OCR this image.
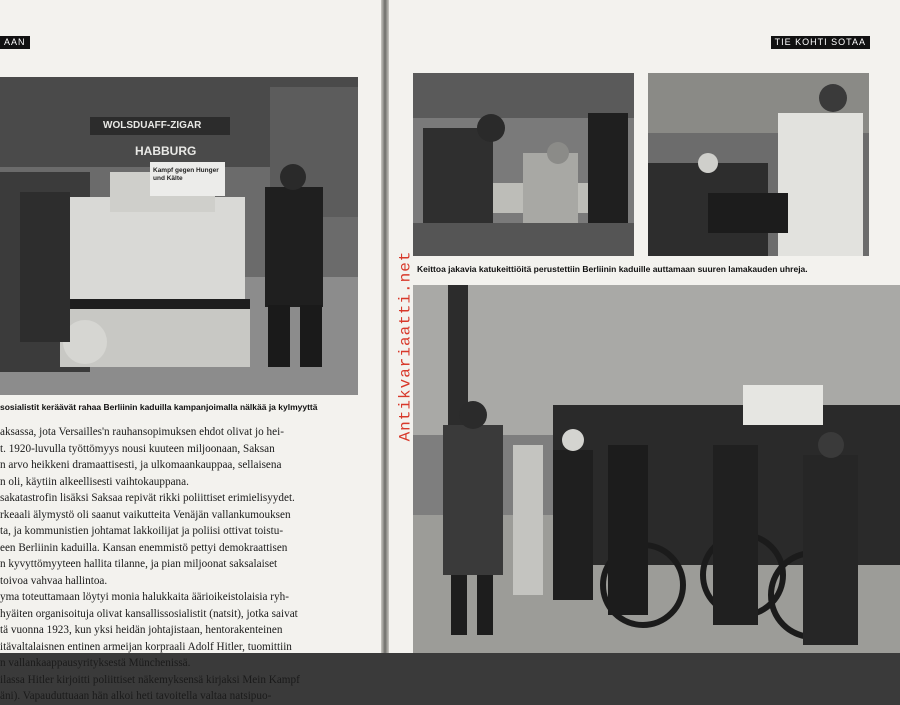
AAN
WOLSDUAFF-ZIGAR
HABBURG
Kampf gegen Hunger und Kälte
sosialistit keräävät rahaa Berliinin kaduilla kampanjoimalla nälkää ja kylmyyttä

aksassa, jota Versailles'n rauhansopimuksen ehdot olivat jo hei-

t. 1920-luvulla työttömyys nousi kuuteen miljoonaan, Saksan

n arvo heikkeni dramaattisesti, ja ulkomaankauppaa, sellaisena

n oli, käytiin alkeellisesti vaihtokauppana.

sakatastrofin lisäksi Saksaa repivät rikki poliittiset erimielisyydet.

rkeaali älymystö oli saanut vaikutteita Venäjän vallankumouksen

ta, ja kommunistien johtamat lakkoilijat ja poliisi ottivat toistu-

een Berliinin kaduilla. Kansan enemmistö pettyi demokraattisen

n kyvyttömyyteen hallita tilanne, ja pian miljoonat saksalaiset

toivoa vahvaa hallintoa.

yma toteuttamaan löytyi monia halukkaita äärioikeistolaisia ryh-

hyäiten organisoituja olivat kansallissosialistit (natsit), jotka saivat

tä vuonna 1923, kun yksi heidän johtajistaan, hentorakenteinen

itävaltalaisnen entinen armeijan korpraali Adolf Hitler, tuomittiin

n vallankaappausyrityksestä Münchenissä.

ilassa Hitler kirjoitti poliittiset näkemyksensä kirjaksi Mein Kampf

äni). Vapauduttuaan hän alkoi heti tavoitella valtaa natsipuo-

TIE KOHTI SOTAA
Keittoa jakavia katukeittiöitä perustettiin Berliinin kaduille auttamaan suuren lamakauden uhreja.
Antikvariaatti.net
